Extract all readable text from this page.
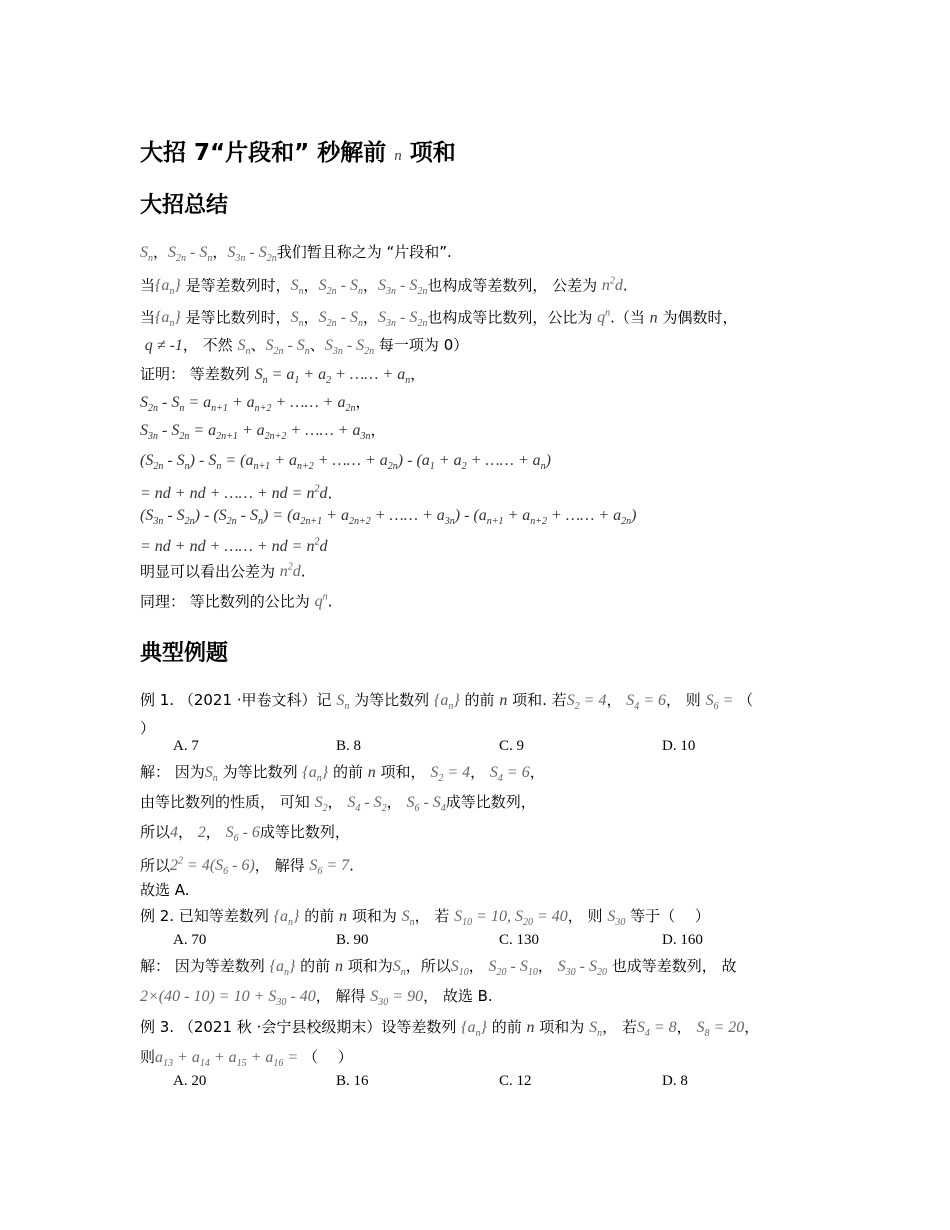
大招 7“片段和” 秒解前 n 项和
大招总结
$S_n$，$S_{2n} - S_n$，$S_{3n} - S_{2n}$我们暂且称之为 “片段和”.
当$\{a_n\}$ 是等差数列时，$S_n$，$S_{2n} - S_n$，$S_{3n} - S_{2n}$也构成等差数列， 公差为 $n^2d$.
当$\{a_n\}$ 是等比数列时，$S_n$，$S_{2n} - S_n$，$S_{3n} - S_{2n}$也构成等比数列，公比为 $q^n$.（当 n 为偶数时，
q ≠ -1， 不然 $S_n$、$S_{2n} - S_n$、$S_{3n} - S_{2n}$ 每一项为 0）
证明： 等差数列 $S_n = a_1 + a_2$ + …… + $a_n$，
$S_{2n} - S_n = a_{n+1} + a_{n+2}$ + …… + $a_{2n}$，
$S_{3n} - S_{2n} = a_{2n+1} + a_{2n+2}$ + …… + $a_{3n}$，
$(S_{2n} - S_n) - S_n = (a_{n+1} + a_{n+2}$ + …… + $a_{2n}) - (a_1 + a_2$ + …… + $a_n$)
= nd + nd + …… + nd = $n^2d$.
$(S_{3n} - S_{2n}) - (S_{2n} - S_n) = (a_{2n+1} + a_{2n+2}$ + …… + $a_{3n}) - (a_{n+1} + a_{n+2}$ + …… + $a_{2n}$)
= nd + nd + …… + nd = $n^2d$
明显可以看出公差为 $n^2d$.
同理： 等比数列的公比为 $q^n$.
典型例题
例 1. （2021 ·甲卷文科）记 $S_n$ 为等比数列 $\{a_n\}$ 的前 n 项和. 若$S_2 = 4$， $S_4 = 6$， 则 $S_6$ = （
）
A. 7	B. 8	C. 9	D. 10
解： 因为$S_n$ 为等比数列 $\{a_n\}$ 的前 n 项和， $S_2 = 4$， $S_4 = 6$，
由等比数列的性质， 可知 $S_2$， $S_4 - S_2$， $S_6 - S_4$成等比数列，
所以4， 2， $S_6 - 6$成等比数列，
所以$2^2 = 4(S_6 - 6)$， 解得 $S_6 = 7$.
故选 A.
例 2. 已知等差数列 $\{a_n\}$ 的前 n 项和为 $S_n$， 若 $S_{10} = 10$, $S_{20} = 40$， 则 $S_{30}$ 等于（　 ）
A. 70	B. 90	C. 130	D. 160
解： 因为等差数列 $\{a_n\}$ 的前 n 项和为$S_n$，所以$S_{10}$， $S_{20} - S_{10}$， $S_{30} - S_{20}$ 也成等差数列， 故
$2\times(40 - 10) = 10 + S_{30} - 40$， 解得 $S_{30} = 90$， 故选 B.
例 3. （2021 秋 ·会宁县校级期末）设等差数列 $\{a_n\}$ 的前 n 项和为 $S_n$， 若$S_4 = 8$， $S_8 = 20$，
则$a_{13} + a_{14} + a_{15} + a_{16}$ = （　 ）
A. 20	B. 16	C. 12	D. 8
